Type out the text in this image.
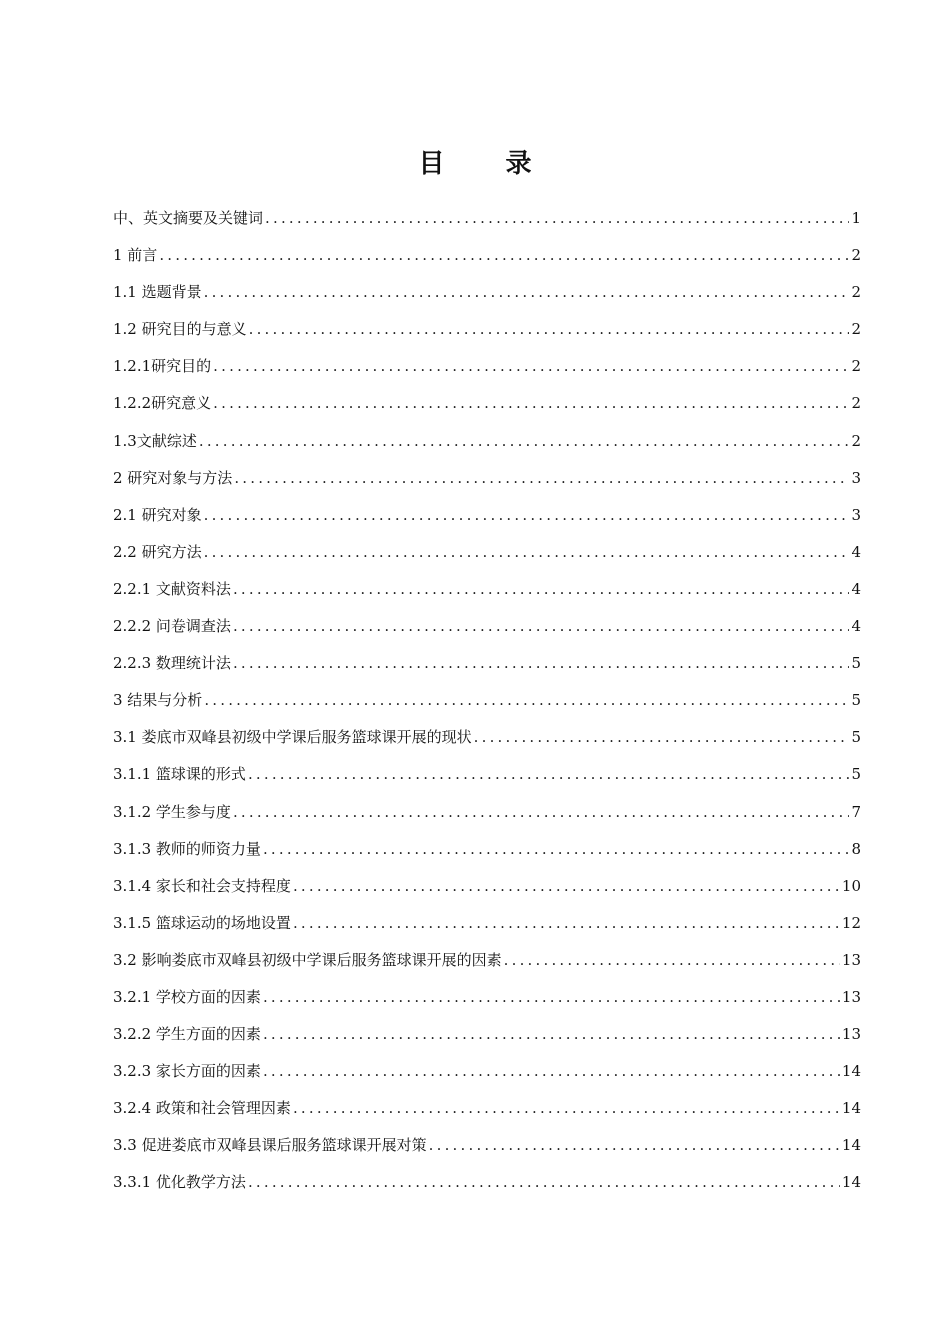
目 录
中、英文摘要及关键词 .....	1
1 前言 .....	2
1.1 选题背景 .....	2
1.2 研究目的与意义 .....	2
1.2.1研究目的 .....	2
1.2.2研究意义 .....	2
1.3文献综述 .....	2
2 研究对象与方法 .....	3
2.1 研究对象 .....	3
2.2 研究方法 .....	4
2.2.1 文献资料法 .....	4
2.2.2 问卷调查法 .....	4
2.2.3 数理统计法 .....	5
3 结果与分析 .....	5
3.1 娄底市双峰县初级中学课后服务篮球课开展的现状 .....	5
3.1.1 篮球课的形式 .....	5
3.1.2 学生参与度 .....	7
3.1.3 教师的师资力量 .....	8
3.1.4 家长和社会支持程度 .....	10
3.1.5 篮球运动的场地设置 .....	12
3.2 影响娄底市双峰县初级中学课后服务篮球课开展的因素 .....	13
3.2.1 学校方面的因素 .....	13
3.2.2 学生方面的因素 .....	13
3.2.3 家长方面的因素 .....	14
3.2.4 政策和社会管理因素 .....	14
3.3 促进娄底市双峰县课后服务篮球课开展对策 .....	14
3.3.1 优化教学方法 .....	14
